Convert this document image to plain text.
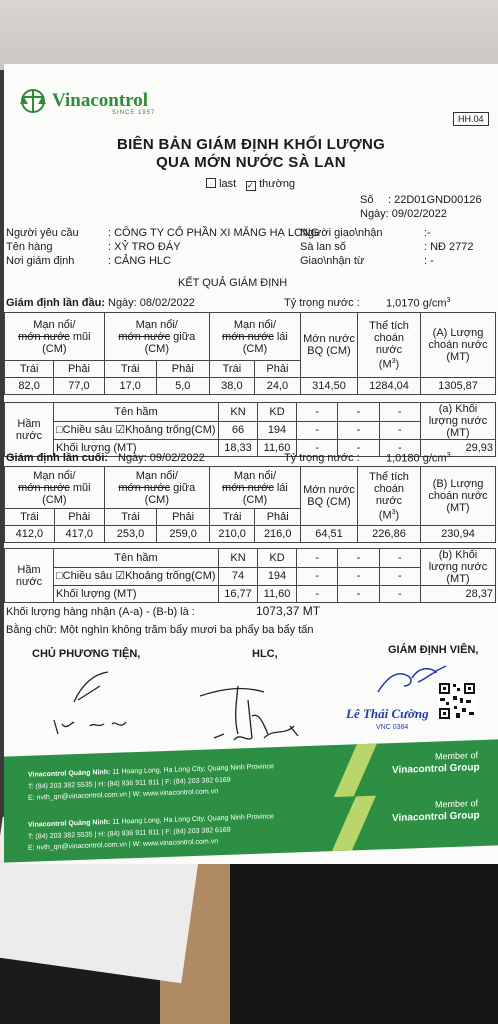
Vinacontrol
SINCE 1957
HH.04
BIÊN BẢN GIÁM ĐỊNH KHỐI LƯỢNG
QUA MỚN NƯỚC SÀ LAN
last ✓ thường
Số : 22D01GND00126
Ngày: 09/02/2022
Người yêu cầu	: CÔNG TY CỔ PHẦN XI MĂNG HẠ LONG
Tên hàng	: XỶ TRO ĐÁY
Nơi giám định	: CẢNG HLC
Người giao\nhận	:-
Sà lan số	: NĐ 2772
Giao\nhận từ	: -
KẾT QUẢ GIÁM ĐỊNH
Giám định lần đầu: Ngày: 08/02/2022	Tỷ trọng nước : 1,0170 $g/cm^3$
Mạn nổi/
mớn nước mũi
(CM)		Mạn nổi/
mớn nước giữa
(CM)		Mạn nổi/
mớn nước lái
(CM)		Mớn nước BQ (CM)	Thể tích choán nước
$(M^3)$	(A) Lượng choán nước (MT)
Trái	Phải	Trái	Phải	Trái	Phải			
82,0	77,0	17,0	5,0	38,0	24,0	314,50	1284,04	1305,87
Hầm nước	Tên hầm	KN	KD	-	-	-	(a) Khối lượng nước (MT)
	□Chiều sâu ☑Khoảng trống(CM)	66	194	-	-	-	
	Khối lượng (MT)	18,33	11,60	-	-	-	29,93
Giám định lần cuối: Ngày: 09/02/2022	Tỷ trọng nước : 1,0180 $g/cm^3$
Mạn nổi/
mớn nước mũi
(CM)		Mạn nổi/
mớn nước giữa
(CM)		Mạn nổi/
mớn nước lái
(CM)		Mớn nước BQ (CM)	Thể tích choán nước
$(M^3)$	(B) Lượng choán nước (MT)
Trái	Phải	Trái	Phải	Trái	Phải			
412,0	417,0	253,0	259,0	210,0	216,0	64,51	226,86	230,94
Hầm nước	Tên hầm	KN	KD	-	-	-	(b) Khối lượng nước (MT)
	□Chiều sâu ☑Khoảng trống(CM)	74	194	-	-	-	
	Khối lượng (MT)	16,77	11,60	-	-	-	28,37
Khối lượng hàng nhận (A-a) - (B-b) là :	1073,37 MT
Bằng chữ: Một nghìn không trăm bẩy mươi ba phẩy ba bẩy tấn
CHỦ PHƯƠNG TIỆN,	HLC,	GIÁM ĐỊNH VIÊN,
Lê Thái Cường
VNC 0384
Vinacontrol Quảng Ninh: 11 Hoang Long, Ha Long City, Quang Ninh Province
T: (84) 203 382 5535 | H: (84) 936 911 811 | F: (84) 203 382 6169
E: nvth_qn@vinacontrol.com.vn | W: www.vinacontrol.com.vn
Member of
Vinacontrol Group
Vinacontrol Quảng Ninh: 11 Hoang Long, Ha Long City, Quang Ninh Province
T: (84) 203 382 5535 | H: (84) 936 911 811 | F: (84) 203 382 6169
E: nvth_qn@vinacontrol.com.vn | W: www.vinacontrol.com.vn
Member of
Vinacontrol Group
